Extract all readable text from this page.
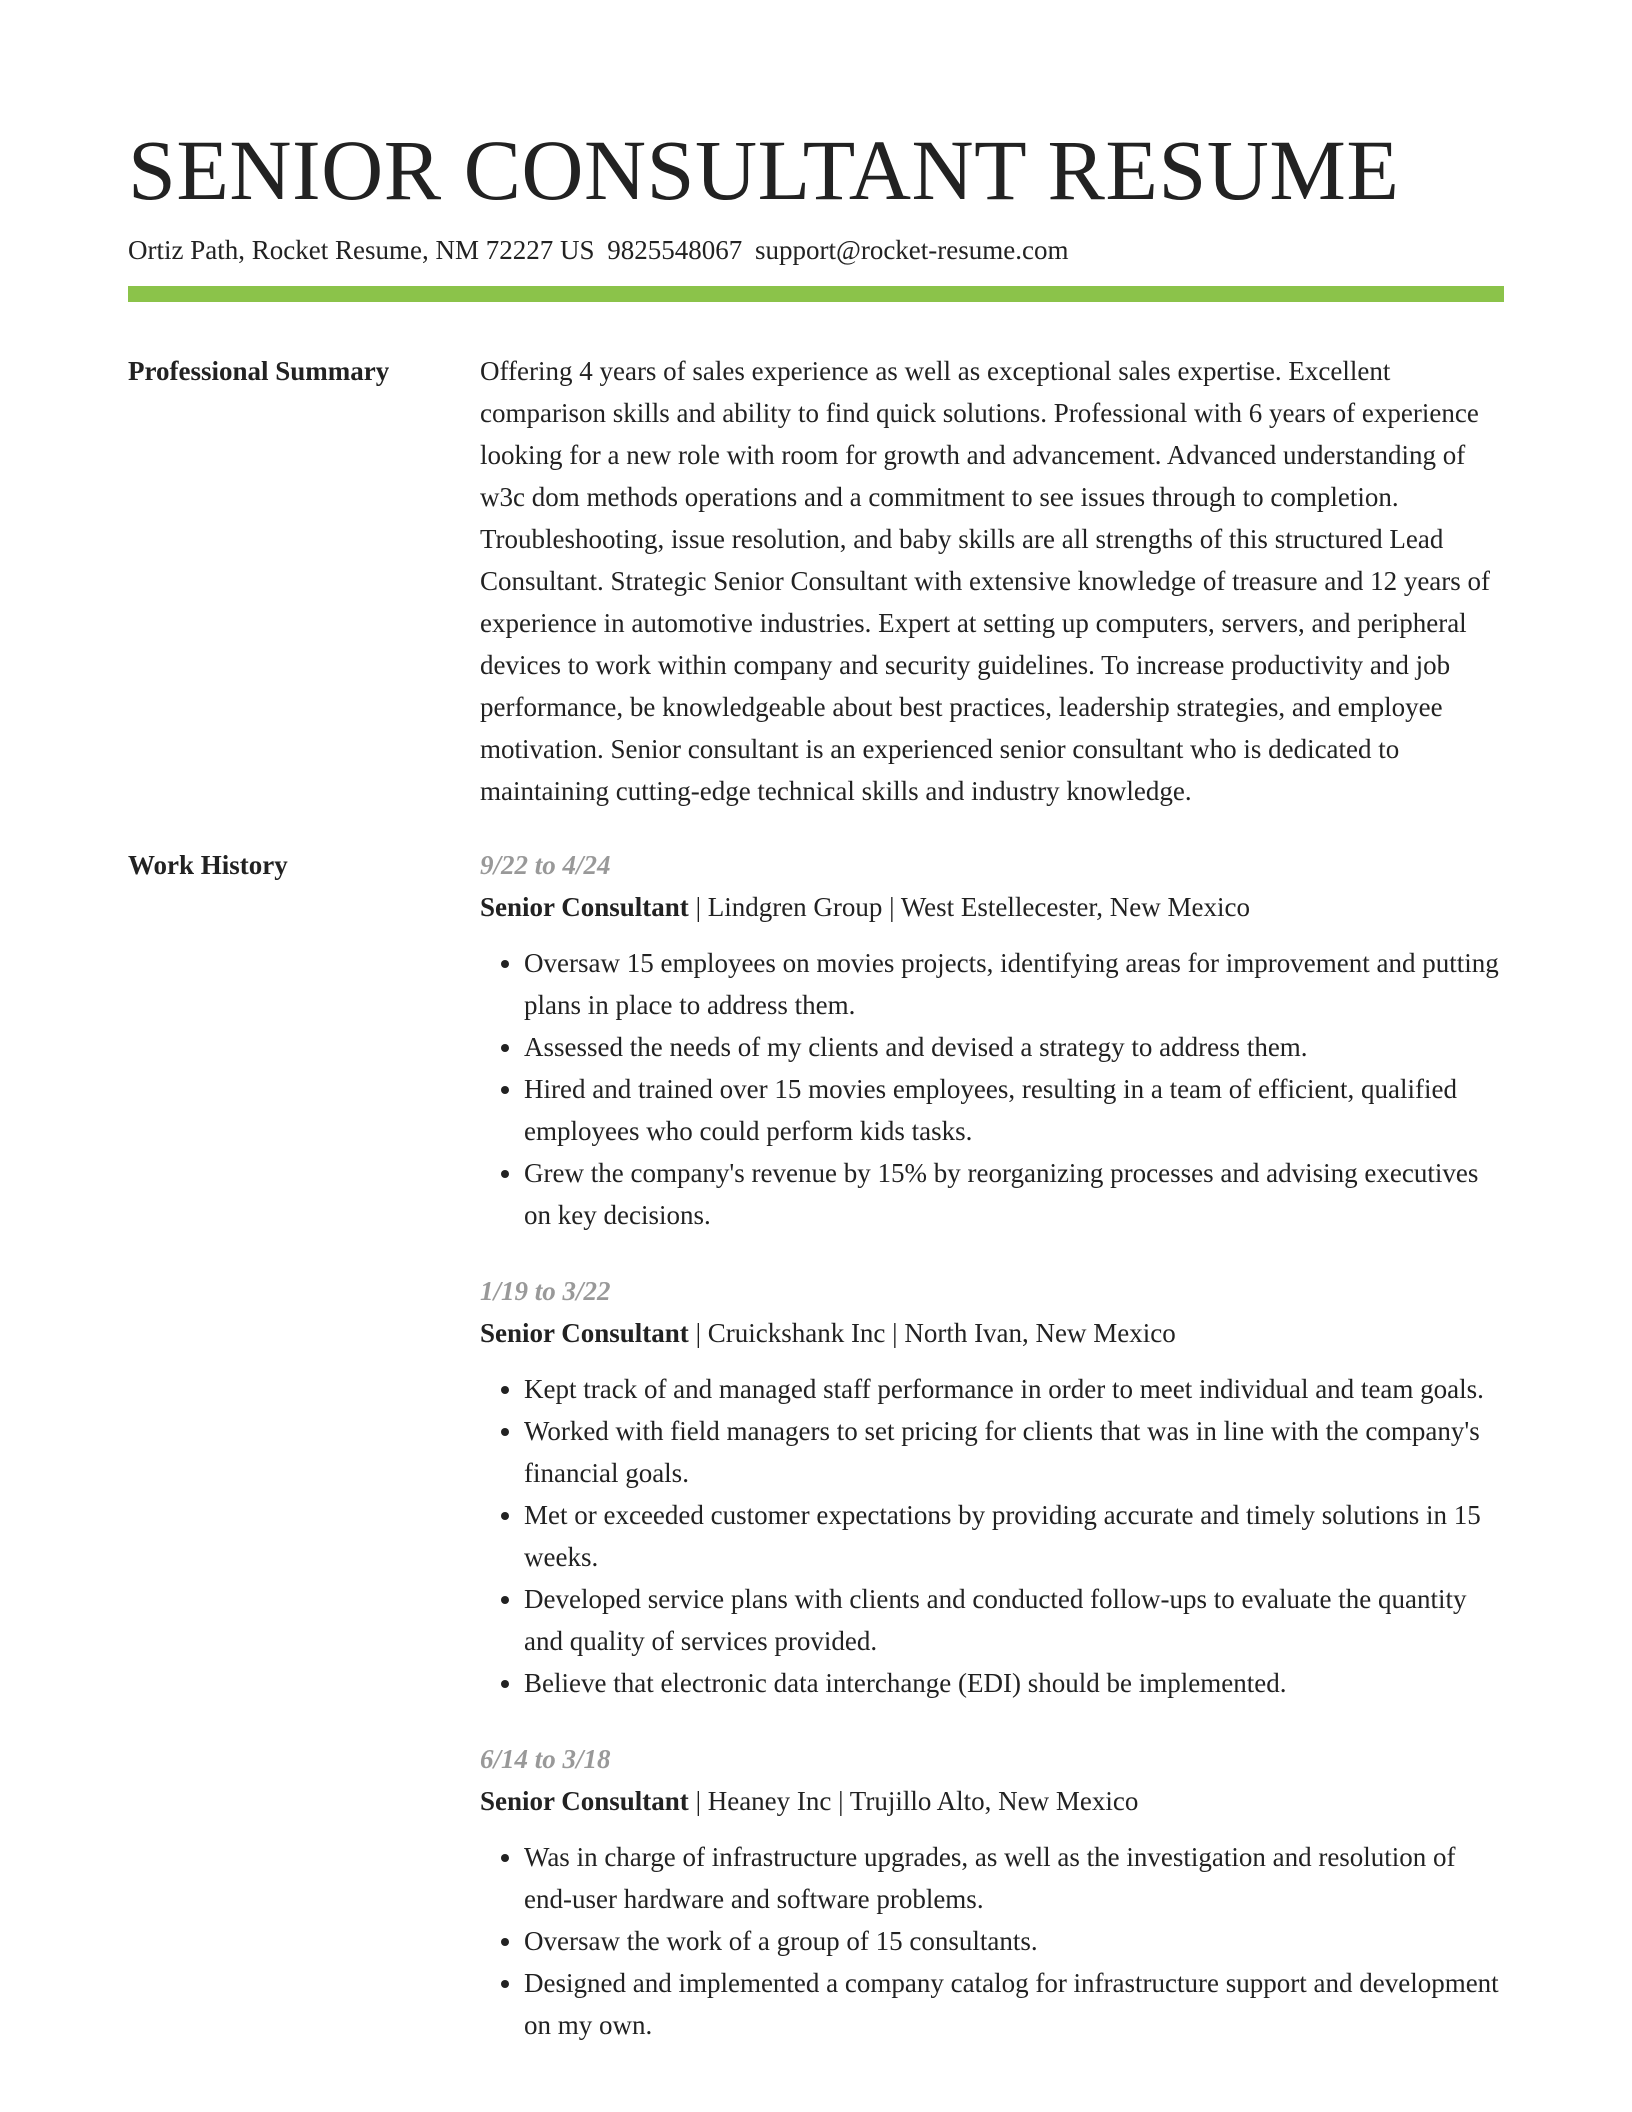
SENIOR CONSULTANT RESUME
Ortiz Path, Rocket Resume, NM 72227 US 9825548067 support@rocket-resume.com
Professional Summary	Offering 4 years of sales experience as well as exceptional sales expertise. Excellent comparison skills and ability to find quick solutions. Professional with 6 years of experience looking for a new role with room for growth and advancement. Advanced understanding of w3c dom methods operations and a commitment to see issues through to completion. Troubleshooting, issue resolution, and baby skills are all strengths of this structured Lead Consultant. Strategic Senior Consultant with extensive knowledge of treasure and 12 years of experience in automotive industries. Expert at setting up computers, servers, and peripheral devices to work within company and security guidelines. To increase productivity and job performance, be knowledgeable about best practices, leadership strategies, and employee motivation. Senior consultant is an experienced senior consultant who is dedicated to maintaining cutting-edge technical skills and industry knowledge.

Work History	9/22 to 4/24
Senior Consultant | Lindgren Group | West Estellecester, New Mexico
• Oversaw 15 employees on movies projects, identifying areas for improvement and putting plans in place to address them.
• Assessed the needs of my clients and devised a strategy to address them.
• Hired and trained over 15 movies employees, resulting in a team of efficient, qualified employees who could perform kids tasks.
• Grew the company's revenue by 15% by reorganizing processes and advising executives on key decisions.
1/19 to 3/22
Senior Consultant | Cruickshank Inc | North Ivan, New Mexico
• Kept track of and managed staff performance in order to meet individual and team goals.
• Worked with field managers to set pricing for clients that was in line with the company's financial goals.
• Met or exceeded customer expectations by providing accurate and timely solutions in 15 weeks.
• Developed service plans with clients and conducted follow-ups to evaluate the quantity and quality of services provided.
• Believe that electronic data interchange (EDI) should be implemented.
6/14 to 3/18
Senior Consultant | Heaney Inc | Trujillo Alto, New Mexico
• Was in charge of infrastructure upgrades, as well as the investigation and resolution of end-user hardware and software problems.
• Oversaw the work of a group of 15 consultants.
• Designed and implemented a company catalog for infrastructure support and development on my own.
